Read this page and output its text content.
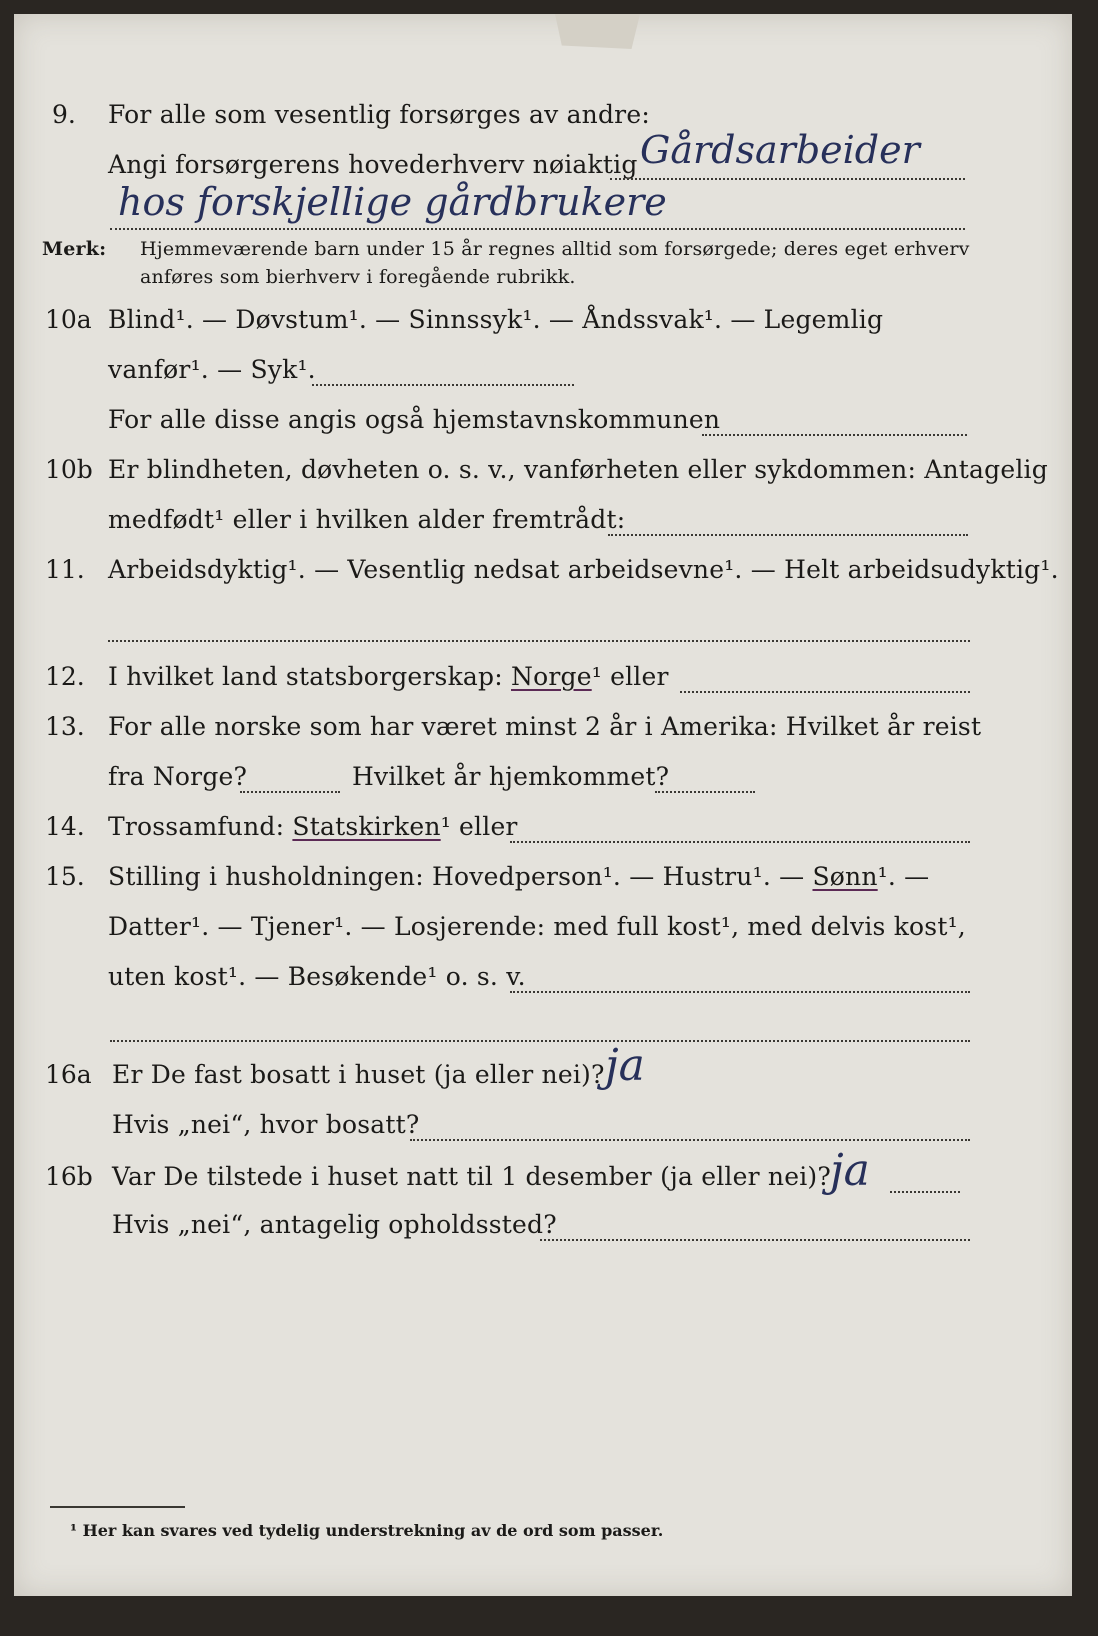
9. For alle som vesentlig forsørges av andre:
Angi forsørgerens hovederhverv nøiaktig Gårdsarbeider
hos forskjellige gårdbrukere
Merk: Hjemmeværende barn under 15 år regnes alltid som forsørgede; deres eget erhverv
anføres som bierhverv i foregående rubrikk.
10a Blind¹. — Døvstum¹. — Sinnssyk¹. — Åndssvak¹. — Legemlig
vanfør¹. — Syk¹.
For alle disse angis også hjemstavnskommunen
10b Er blindheten, døvheten o. s. v., vanførheten eller sykdommen: Antagelig
medfødt¹ eller i hvilken alder fremtrådt:
11. Arbeidsdyktig¹. — Vesentlig nedsat arbeidsevne¹. — Helt arbeidsudyktig¹.
12. I hvilket land statsborgerskap: Norge¹ eller
13. For alle norske som har været minst 2 år i Amerika: Hvilket år reist
fra Norge?	Hvilket år hjemkommet?
14. Trossamfund: Statskirken¹ eller
15. Stilling i husholdningen: Hovedperson¹. — Hustru¹. — Sønn¹. —
Datter¹. — Tjener¹. — Losjerende: med full kost¹, med delvis kost¹,
uten kost¹. — Besøkende¹ o. s. v.
16a Er De fast bosatt i huset (ja eller nei)? ja
Hvis „nei“, hvor bosatt?
16b Var De tilstede i huset natt til 1 desember (ja eller nei)? ja
Hvis „nei“, antagelig opholdssted?
¹ Her kan svares ved tydelig understrekning av de ord som passer.
